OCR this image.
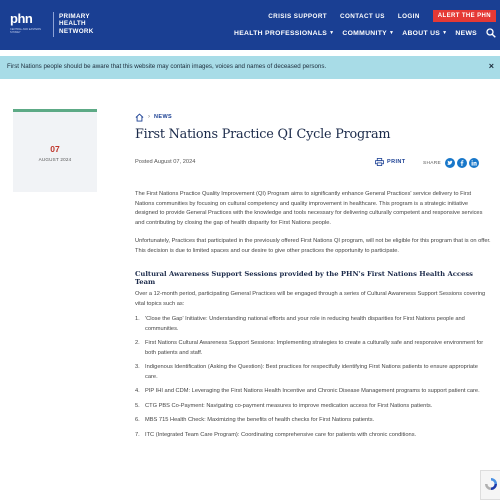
phn
CENTRAL AND EASTERN SYDNEY
PRIMARY
HEALTH
NETWORK
CRISIS SUPPORT CONTACT US LOGIN	ALERT THE PHN
HEALTH PROFESSIONALS ▼ COMMUNITY ▼ ABOUT US ▼ NEWS
First Nations people should be aware that this website may contain images, voices and names of deceased persons.	×
07
AUGUST 2024
› NEWS
First Nations Practice QI Cycle Program
Posted August 07, 2024	PRINT	SHARE

The First Nations Practice Quality Improvement (QI) Program aims to significantly enhance General Practices' service delivery to First Nations communities by focusing on cultural competency and quality improvement in healthcare. This program is a strategic initiative designed to provide General Practices with the knowledge and tools necessary for delivering culturally competent and responsive services and contributing by closing the gap of health disparity for First Nations people.

Unfortunately, Practices that participated in the previously offered First Nations QI program, will not be eligible for this program that is on offer. This decision is due to limited spaces and our desire to give other practices the opportunity to participate.

Cultural Awareness Support Sessions provided by the PHN's First Nations Health Access Team

Over a 12-month period, participating General Practices will be engaged through a series of Cultural Awareness Support Sessions covering vital topics such as:

1. 'Close the Gap' Initiative: Understanding national efforts and your role in reducing health disparities for First Nations people and communities.
2. First Nations Cultural Awareness Support Sessions: Implementing strategies to create a culturally safe and responsive environment for both patients and staff.
3. Indigenous Identification (Asking the Question): Best practices for respectfully identifying First Nations patients to ensure appropriate care.
4. PIP IHI and CDM: Leveraging the First Nations Health Incentive and Chronic Disease Management programs to support patient care.
5. CTG PBS Co-Payment: Navigating co-payment measures to improve medication access for First Nations patients.
6. MBS 715 Health Check: Maximizing the benefits of health checks for First Nations patients.
7. ITC (Integrated Team Care Program): Coordinating comprehensive care for patients with chronic conditions.
